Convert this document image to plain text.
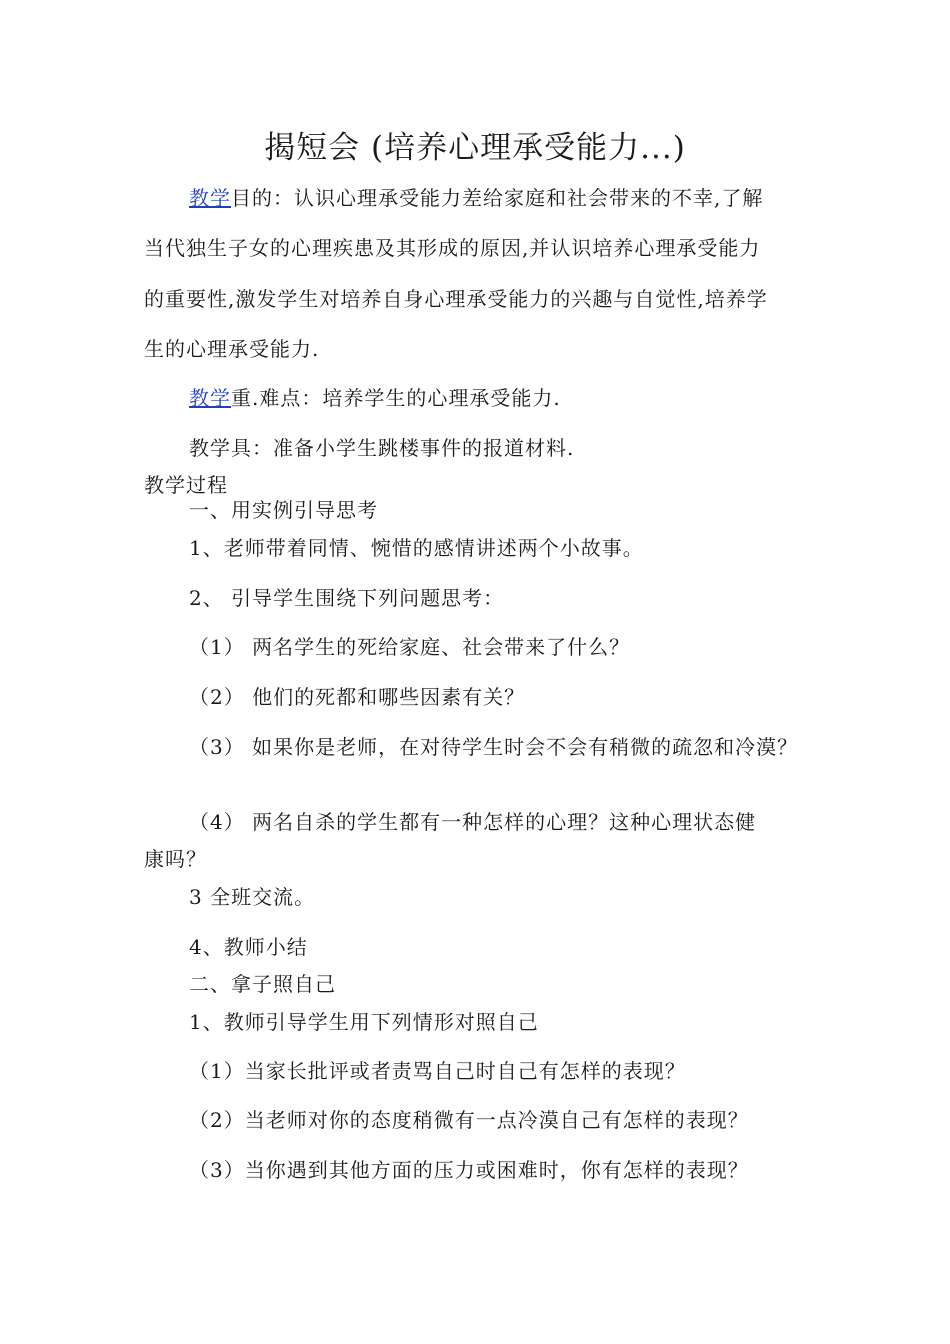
揭短会 (培养心理承受能力...)
教学目的：认识心理承受能力差给家庭和社会带来的不幸,了解
当代独生子女的心理疾患及其形成的原因,并认识培养心理承受能力
的重要性,激发学生对培养自身心理承受能力的兴趣与自觉性,培养学
生的心理承受能力.
教学重.难点：培养学生的心理承受能力.
教学具：准备小学生跳楼事件的报道材料.
教学过程
一、用实例引导思考
1、老师带着同情、惋惜的感情讲述两个小故事。
2、 引导学生围绕下列问题思考：
（1） 两名学生的死给家庭、社会带来了什么？
（2） 他们的死都和哪些因素有关？
（3） 如果你是老师，在对待学生时会不会有稍微的疏忽和冷漠？
（4） 两名自杀的学生都有一种怎样的心理？这种心理状态健
康吗？
3 全班交流。
4、教师小结
二、拿子照自己
1、教师引导学生用下列情形对照自己
（1）当家长批评或者责骂自己时自己有怎样的表现？
（2）当老师对你的态度稍微有一点冷漠自己有怎样的表现？
（3）当你遇到其他方面的压力或困难时，你有怎样的表现？
